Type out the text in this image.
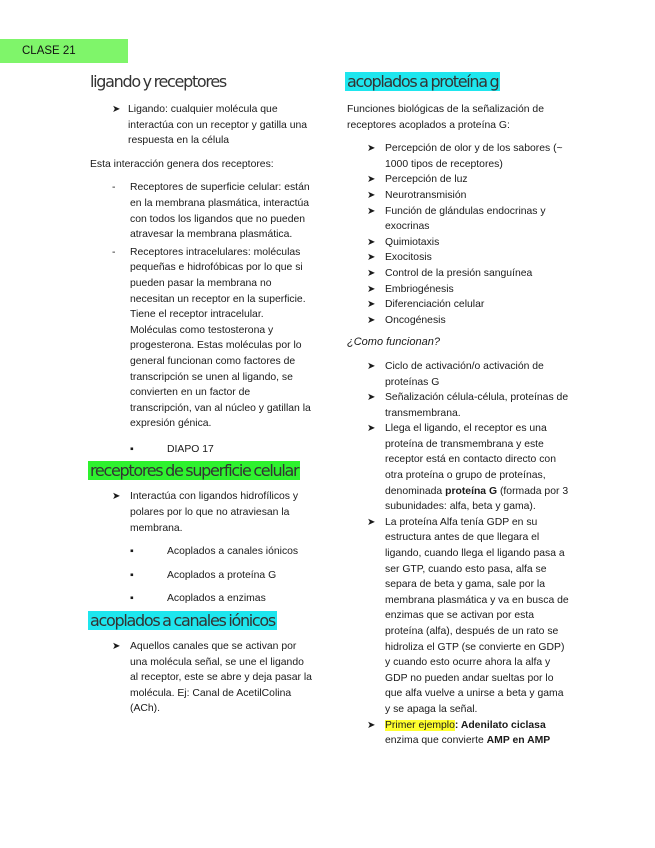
CLASE 21
ligando y receptores
➤ Ligando: cualquier molécula que interactúa con un receptor y gatilla una respuesta en la célula

Esta interacción genera dos receptores:

- Receptores de superficie celular: están en la membrana plasmática, interactúa con todos los ligandos que no pueden atravesar la membrana plasmática.
- Receptores intracelulares: moléculas pequeñas e hidrofóbicas por lo que si pueden pasar la membrana no necesitan un receptor en la superficie. Tiene el receptor intracelular. Moléculas como testosterona y progesterona. Estas moléculas por lo general funcionan como factores de transcripción se unen al ligando, se convierten en un factor de transcripción, van al núcleo y gatillan la expresión génica.
▪	DIAPO 17
receptores de superficie celular
➤ Interactúa con ligandos hidrofílicos y polares por lo que no atraviesan la membrana.
▪	Acoplados a canales iónicos
▪	Acoplados a proteína G
▪	Acoplados a enzimas
acoplados a canales iónicos
➤ Aquellos canales que se activan por una molécula señal, se une el ligando al receptor, este se abre y deja pasar la molécula. Ej: Canal de AcetilColina (ACh).
acoplados a proteína g

Funciones biológicas de la señalización de receptores acoplados a proteína G:

➤ Percepción de olor y de los sabores (~ 1000 tipos de receptores)
➤ Percepción de luz
➤ Neurotransmisión
➤ Función de glándulas endocrinas y exocrinas
➤ Quimiotaxis
➤ Exocitosis
➤ Control de la presión sanguínea
➤ Embriogénesis
➤ Diferenciación celular
➤ Oncogénesis

¿Como funcionan?

➤ Ciclo de activación/o activación de proteínas G
➤ Señalización célula-célula, proteínas de transmembrana.
➤ Llega el ligando, el receptor es una proteína de transmembrana y este receptor está en contacto directo con otra proteína o grupo de proteínas, denominada proteína G (formada por 3 subunidades: alfa, beta y gama).
➤ La proteína Alfa tenía GDP en su estructura antes de que llegara el ligando, cuando llega el ligando pasa a ser GTP, cuando esto pasa, alfa se separa de beta y gama, sale por la membrana plasmática y va en busca de enzimas que se activan por esta proteína (alfa), después de un rato se hidroliza el GTP (se convierte en GDP) y cuando esto ocurre ahora la alfa y GDP no pueden andar sueltas por lo que alfa vuelve a unirse a beta y gama y se apaga la señal.
➤ Primer ejemplo: Adenilato ciclasa
enzima que convierte AMP en AMP
